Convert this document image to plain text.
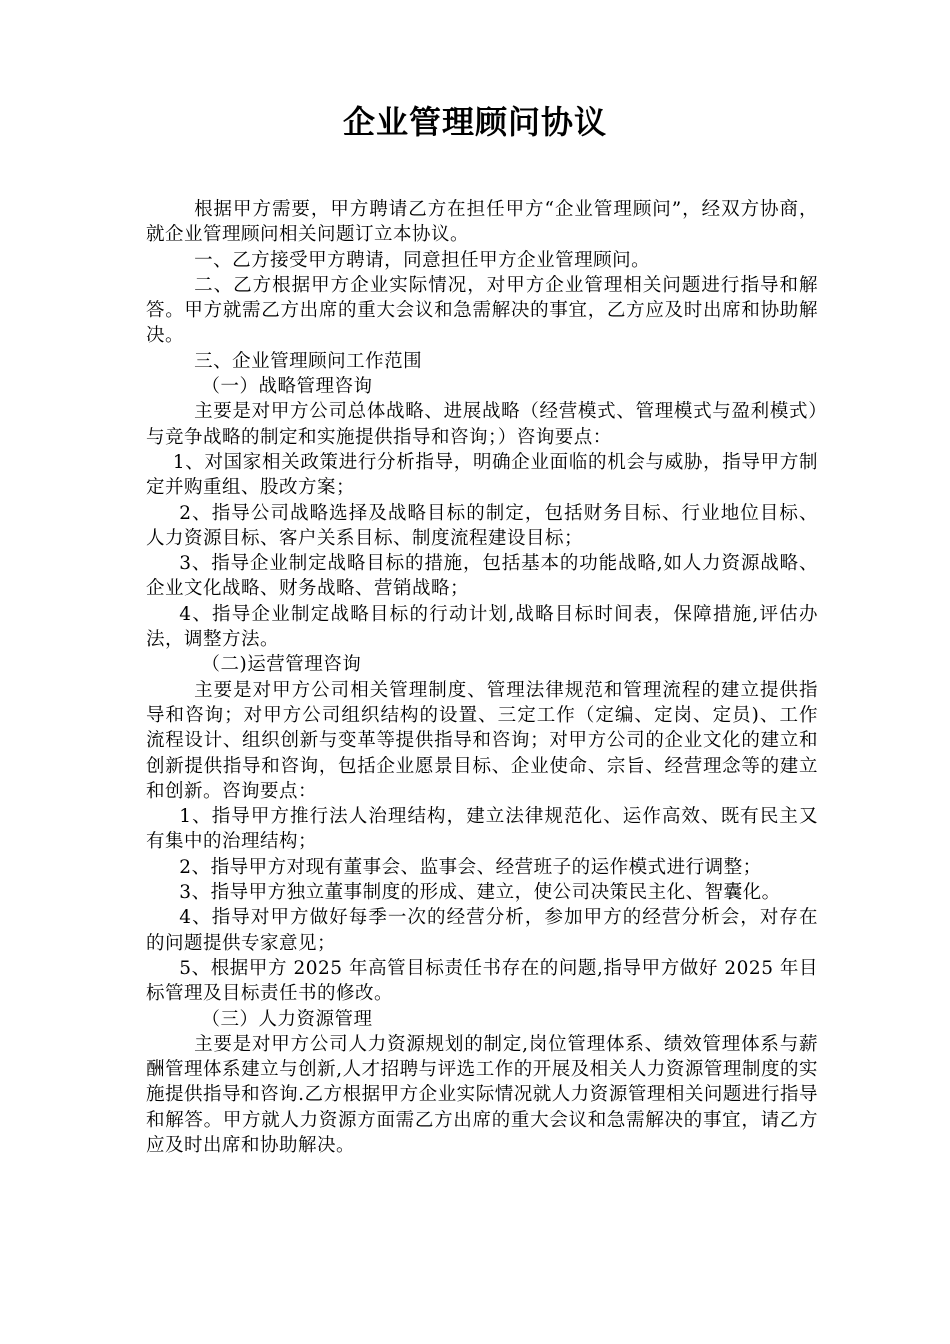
企业管理顾问协议

根据甲方需要，甲方聘请乙方在担任甲方“企业管理顾问”，经双方协商，就企业管理顾问相关问题订立本协议。

一、乙方接受甲方聘请，同意担任甲方企业管理顾问。

二、乙方根据甲方企业实际情况，对甲方企业管理相关问题进行指导和解答。甲方就需乙方出席的重大会议和急需解决的事宜，乙方应及时出席和协助解决。

三、企业管理顾问工作范围

（一）战略管理咨询

主要是对甲方公司总体战略、进展战略（经营模式、管理模式与盈利模式）与竞争战略的制定和实施提供指导和咨询；）咨询要点：

1、对国家相关政策进行分析指导，明确企业面临的机会与威胁，指导甲方制定并购重组、股改方案；

2、指导公司战略选择及战略目标的制定，包括财务目标、行业地位目标、人力资源目标、客户关系目标、制度流程建设目标；

3、指导企业制定战略目标的措施，包括基本的功能战略,如人力资源战略、企业文化战略、财务战略、营销战略；

4、指导企业制定战略目标的行动计划,战略目标时间表，保障措施,评估办法，调整方法。

（二)运营管理咨询

主要是对甲方公司相关管理制度、管理法律规范和管理流程的建立提供指导和咨询；对甲方公司组织结构的设置、三定工作（定编、定岗、定员)、工作流程设计、组织创新与变革等提供指导和咨询；对甲方公司的企业文化的建立和创新提供指导和咨询，包括企业愿景目标、企业使命、宗旨、经营理念等的建立和创新。咨询要点：

1、指导甲方推行法人治理结构，建立法律规范化、运作高效、既有民主又有集中的治理结构；

2、指导甲方对现有董事会、监事会、经营班子的运作模式进行调整；

3、指导甲方独立董事制度的形成、建立，使公司决策民主化、智囊化。

4、指导对甲方做好每季一次的经营分析，参加甲方的经营分析会，对存在的问题提供专家意见；

5、根据甲方 2025 年高管目标责任书存在的问题,指导甲方做好 2025 年目标管理及目标责任书的修改。

（三）人力资源管理

主要是对甲方公司人力资源规划的制定,岗位管理体系、绩效管理体系与薪酬管理体系建立与创新,人才招聘与评选工作的开展及相关人力资源管理制度的实施提供指导和咨询.乙方根据甲方企业实际情况就人力资源管理相关问题进行指导和解答。甲方就人力资源方面需乙方出席的重大会议和急需解决的事宜，请乙方应及时出席和协助解决。
